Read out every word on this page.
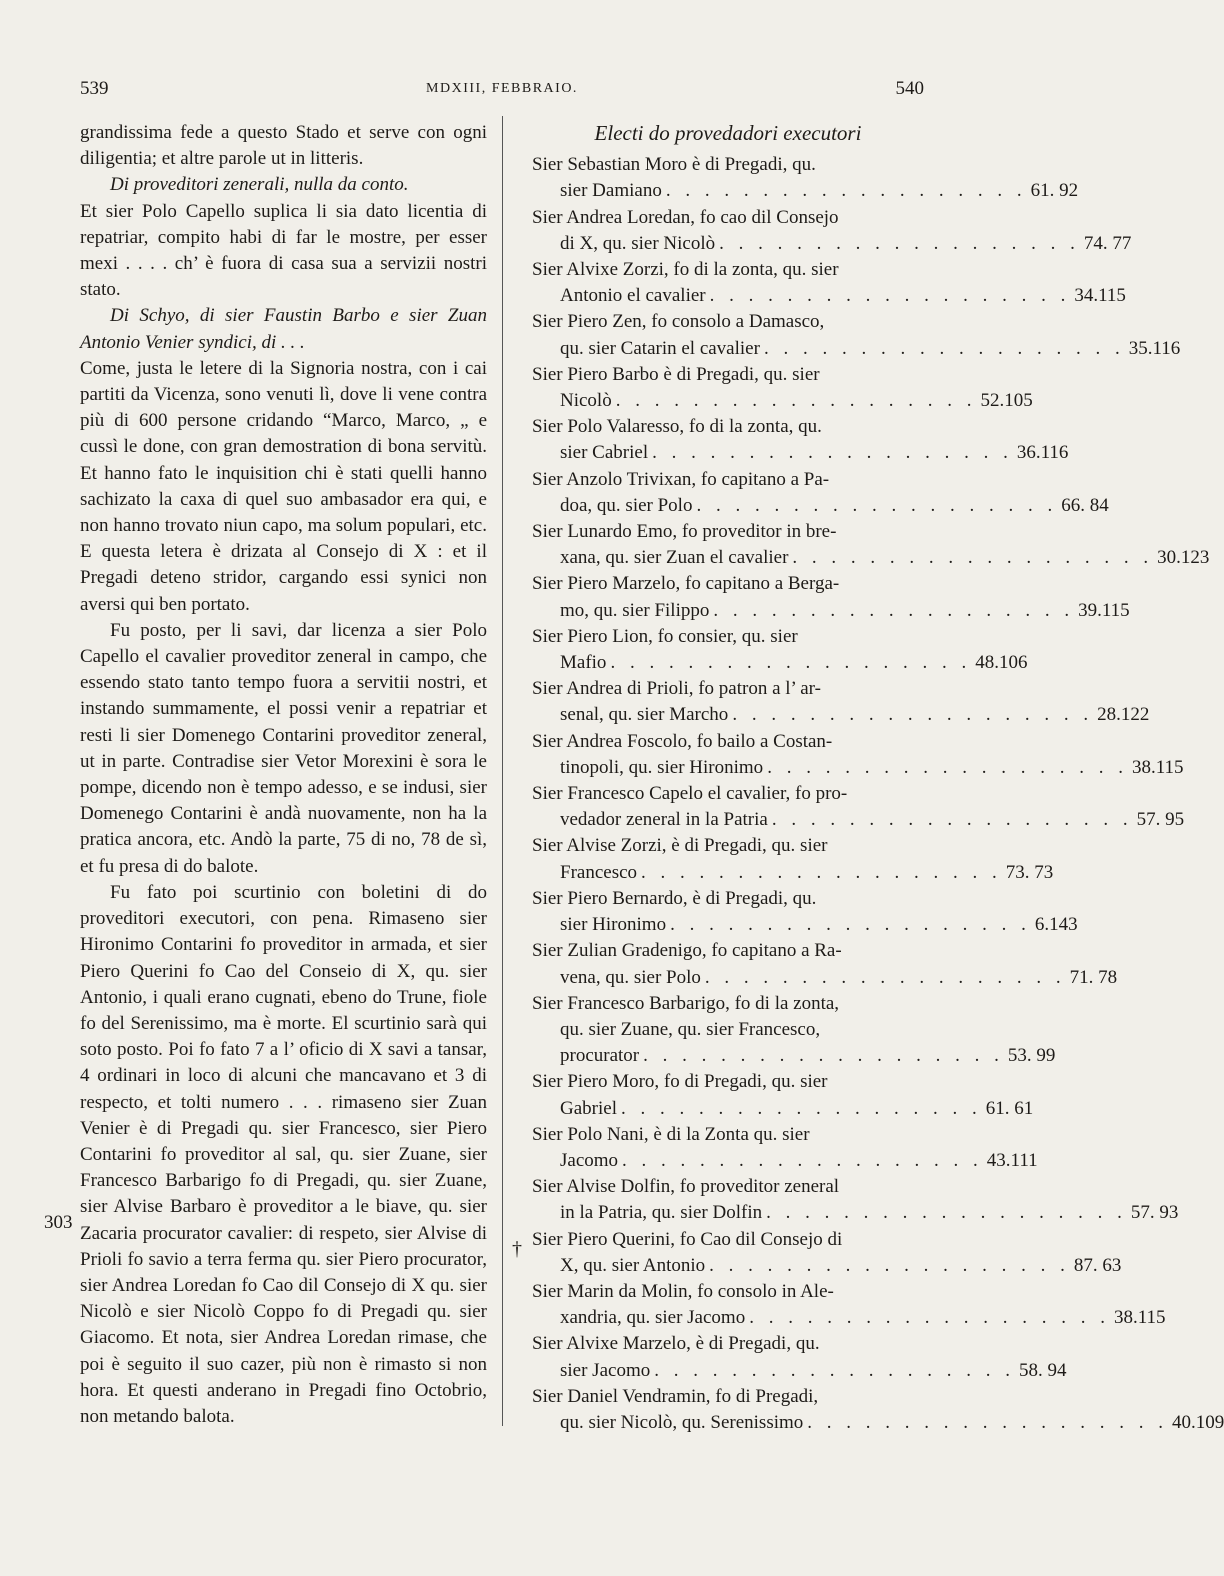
539	MDXIII, FEBBRAIO.	540
303
†

grandissima fede a questo Stado et serve con ogni diligentia; et altre parole ut in litteris.

Di proveditori zenerali, nulla da conto.

Et sier Polo Capello suplica li sia dato licentia di repatriar, compito habi di far le mostre, per esser mexi . . . . ch’ è fuora di casa sua a servizii nostri stato.

Di Schyo, di sier Faustin Barbo e sier Zuan Antonio Venier syndici, di . . .

Come, justa le letere di la Signoria nostra, con i cai partiti da Vicenza, sono venuti lì, dove li vene contra più di 600 persone cridando “Marco, Marco, „ e cussì le done, con gran demostration di bona servitù. Et hanno fato le inquisition chi è stati quelli hanno sachizato la caxa di quel suo ambasador era qui, e non hanno trovato niun capo, ma solum populari, etc. E questa letera è drizata al Consejo di X : et il Pregadi deteno stridor, cargando essi synici non aversi qui ben portato.

Fu posto, per li savi, dar licenza a sier Polo Capello el cavalier proveditor zeneral in campo, che essendo stato tanto tempo fuora a servitii nostri, et instando summamente, el possi venir a repatriar et resti li sier Domenego Contarini proveditor zeneral, ut in parte. Contradise sier Vetor Morexini è sora le pompe, dicendo non è tempo adesso, e se indusi, sier Domenego Contarini è andà nuovamente, non ha la pratica ancora, etc. Andò la parte, 75 di no, 78 de sì, et fu presa di do balote.

Fu fato poi scurtinio con boletini di do proveditori executori, con pena. Rimaseno sier Hironimo Contarini fo proveditor in armada, et sier Piero Querini fo Cao del Conseio di X, qu. sier Antonio, i quali erano cugnati, ebeno do Trune, fiole fo del Serenissimo, ma è morte. El scurtinio sarà qui soto posto. Poi fo fato 7 a l’ oficio di X savi a tansar, 4 ordinari in loco di alcuni che mancavano et 3 di respecto, et tolti numero . . . rimaseno sier Zuan Venier è di Pregadi qu. sier Francesco, sier Piero Contarini fo proveditor al sal, qu. sier Zuane, sier Francesco Barbarigo fo di Pregadi, qu. sier Zuane, sier Alvise Barbaro è proveditor a le biave, qu. sier Zacaria procurator cavalier: di respeto, sier Alvise di Prioli fo savio a terra ferma qu. sier Piero procurator, sier Andrea Loredan fo Cao dil Consejo di X qu. sier Nicolò e sier Nicolò Coppo fo di Pregadi qu. sier Giacomo. Et nota, sier Andrea Loredan rimase, che poi è seguito il suo cazer, più non è rimasto si non hora. Et questi anderano in Pregadi fino Octobrio, non metando balota.

Electi do provedadori executori
Sier Sebastian Moro è di Pregadi, qu.
sier Damiano . . . . . . . . . . . . . . . . . . . 61. 92
Sier Andrea Loredan, fo cao dil Consejo
di X, qu. sier Nicolò . . . . . . . . . . . . . . . . . . . 74. 77
Sier Alvixe Zorzi, fo di la zonta, qu. sier
Antonio el cavalier . . . . . . . . . . . . . . . . . . . 34.115
Sier Piero Zen, fo consolo a Damasco,
qu. sier Catarin el cavalier . . . . . . . . . . . . . . . . . . . 35.116
Sier Piero Barbo è di Pregadi, qu. sier
Nicolò . . . . . . . . . . . . . . . . . . . 52.105
Sier Polo Valaresso, fo di la zonta, qu.
sier Cabriel . . . . . . . . . . . . . . . . . . . 36.116
Sier Anzolo Trivixan, fo capitano a Pa-
doa, qu. sier Polo . . . . . . . . . . . . . . . . . . . 66. 84
Sier Lunardo Emo, fo proveditor in bre-
xana, qu. sier Zuan el cavalier . . . . . . . . . . . . . . . . . . . 30.123
Sier Piero Marzelo, fo capitano a Berga-
mo, qu. sier Filippo . . . . . . . . . . . . . . . . . . . 39.115
Sier Piero Lion, fo consier, qu. sier
Mafio . . . . . . . . . . . . . . . . . . . 48.106
Sier Andrea di Prioli, fo patron a l’ ar-
senal, qu. sier Marcho . . . . . . . . . . . . . . . . . . . 28.122
Sier Andrea Foscolo, fo bailo a Costan-
tinopoli, qu. sier Hironimo . . . . . . . . . . . . . . . . . . . 38.115
Sier Francesco Capelo el cavalier, fo pro-
vedador zeneral in la Patria . . . . . . . . . . . . . . . . . . . 57. 95
Sier Alvise Zorzi, è di Pregadi, qu. sier
Francesco . . . . . . . . . . . . . . . . . . . 73. 73
Sier Piero Bernardo, è di Pregadi, qu.
sier Hironimo . . . . . . . . . . . . . . . . . . . 6.143
Sier Zulian Gradenigo, fo capitano a Ra-
vena, qu. sier Polo . . . . . . . . . . . . . . . . . . . 71. 78
Sier Francesco Barbarigo, fo di la zonta,
qu. sier Zuane, qu. sier Francesco,
procurator . . . . . . . . . . . . . . . . . . . 53. 99
Sier Piero Moro, fo di Pregadi, qu. sier
Gabriel . . . . . . . . . . . . . . . . . . . 61. 61
Sier Polo Nani, è di la Zonta qu. sier
Jacomo . . . . . . . . . . . . . . . . . . . 43.111
Sier Alvise Dolfin, fo proveditor zeneral
in la Patria, qu. sier Dolfin . . . . . . . . . . . . . . . . . . . 57. 93
Sier Piero Querini, fo Cao dil Consejo di
X, qu. sier Antonio . . . . . . . . . . . . . . . . . . . 87. 63
Sier Marin da Molin, fo consolo in Ale-
xandria, qu. sier Jacomo . . . . . . . . . . . . . . . . . . . 38.115
Sier Alvixe Marzelo, è di Pregadi, qu.
sier Jacomo . . . . . . . . . . . . . . . . . . . 58. 94
Sier Daniel Vendramin, fo di Pregadi,
qu. sier Nicolò, qu. Serenissimo . . . . . . . . . . . . . . . . . . . 40.109
